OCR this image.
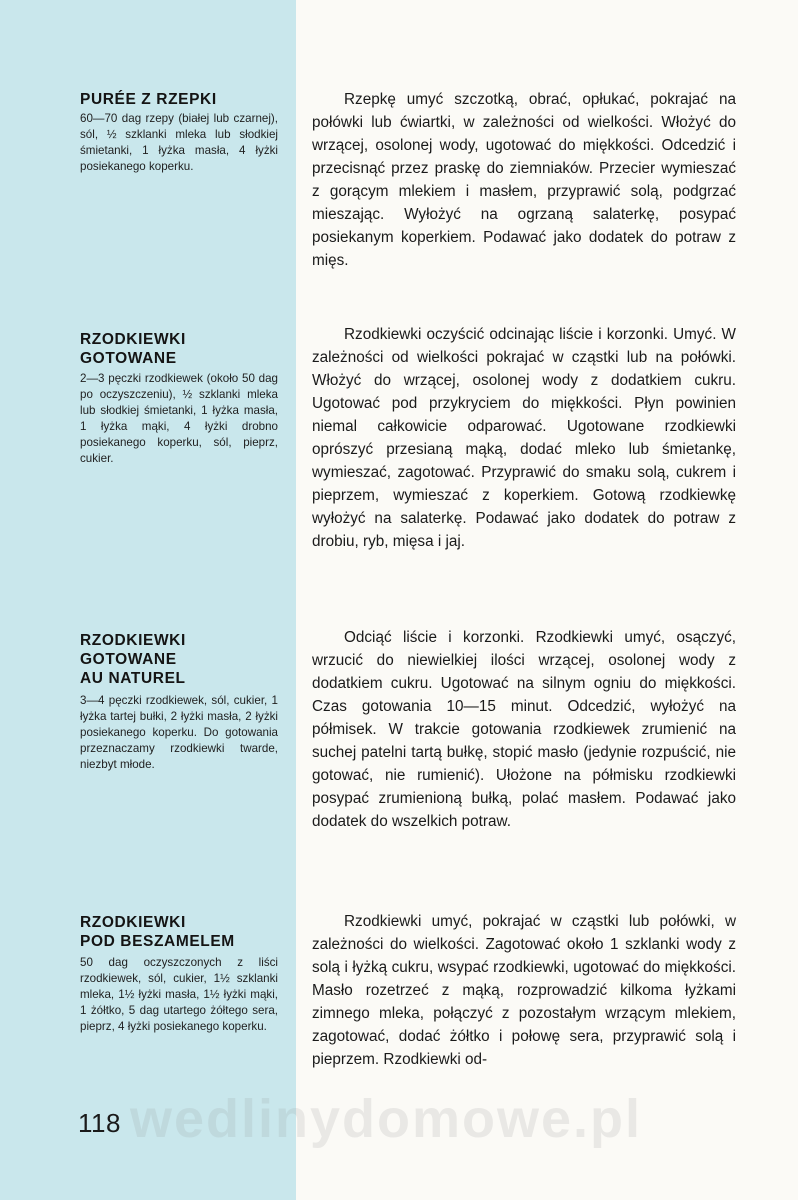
PURÉE Z RZEPKI

60—70 dag rzepy (białej lub czarnej), sól, ½ szklanki mleka lub słodkiej śmietanki, 1 łyżka masła, 4 łyżki posiekanego koperku.

Rzepkę umyć szczotką, obrać, opłukać, pokrajać na połówki lub ćwiartki, w zależności od wielkości. Włożyć do wrzącej, osolonej wody, ugotować do miękkości. Odcedzić i przecisnąć przez praskę do ziemniaków. Przecier wymieszać z gorącym mlekiem i masłem, przyprawić solą, podgrzać mieszając. Wyłożyć na ogrzaną salaterkę, posypać posiekanym koperkiem. Podawać jako dodatek do potraw z mięs.

RZODKIEWKI
GOTOWANE

2—3 pęczki rzodkiewek (około 50 dag po oczyszczeniu), ½ szklanki mleka lub słodkiej śmietanki, 1 łyżka masła, 1 łyżka mąki, 4 łyżki drobno posiekanego koperku, sól, pieprz, cukier.

Rzodkiewki oczyścić odcinając liście i korzonki. Umyć. W zależności od wielkości pokrajać w cząstki lub na połówki. Włożyć do wrzącej, osolonej wody z dodatkiem cukru. Ugotować pod przykryciem do miękkości. Płyn powinien niemal całkowicie odparować. Ugotowane rzodkiewki oprószyć przesianą mąką, dodać mleko lub śmietankę, wymieszać, zagotować. Przyprawić do smaku solą, cukrem i pieprzem, wymieszać z koperkiem. Gotową rzodkiewkę wyłożyć na salaterkę. Podawać jako dodatek do potraw z drobiu, ryb, mięsa i jaj.

RZODKIEWKI
GOTOWANE
AU NATUREL

3—4 pęczki rzodkiewek, sól, cukier, 1 łyżka tartej bułki, 2 łyżki masła, 2 łyżki posiekanego koperku. Do gotowania przeznaczamy rzodkiewki twarde, niezbyt młode.

Odciąć liście i korzonki. Rzodkiewki umyć, osączyć, wrzucić do niewielkiej ilości wrzącej, osolonej wody z dodatkiem cukru. Ugotować na silnym ogniu do miękkości. Czas gotowania 10—15 minut. Odcedzić, wyłożyć na półmisek. W trakcie gotowania rzodkiewek zrumienić na suchej patelni tartą bułkę, stopić masło (jedynie rozpuścić, nie gotować, nie rumienić). Ułożone na półmisku rzodkiewki posypać zrumienioną bułką, polać masłem. Podawać jako dodatek do wszelkich potraw.

RZODKIEWKI
POD BESZAMELEM

50 dag oczyszczonych z liści rzodkiewek, sól, cukier, 1½ szklanki mleka, 1½ łyżki masła, 1½ łyżki mąki, 1 żółtko, 5 dag utartego żółtego sera, pieprz, 4 łyżki posiekanego koperku.

Rzodkiewki umyć, pokrajać w cząstki lub połówki, w zależności do wielkości. Zagotować około 1 szklanki wody z solą i łyżką cukru, wsypać rzodkiewki, ugotować do miękkości. Masło rozetrzeć z mąką, rozprowadzić kilkoma łyżkami zimnego mleka, połączyć z pozostałym wrzącym mlekiem, zagotować, dodać żółtko i połowę sera, przyprawić solą i pieprzem. Rzodkiewki od-

wedlinydomowe.pl
118
